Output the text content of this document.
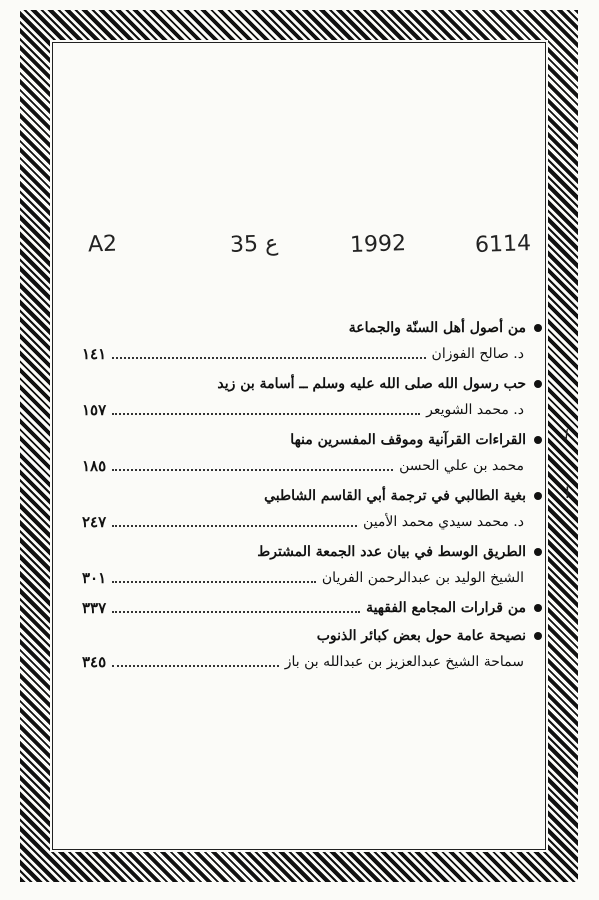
A2	35 ع	1992	6114
✓
I
من أصول أهل السنّة والجماعة
د. صالح الفوزان
١٤١
حب رسول الله صلى الله عليه وسلم ــ أسامة بن زيد
د. محمد الشويعر
١٥٧
القراءات القرآنية وموقف المفسرين منها
محمد بن علي الحسن
١٨٥
بغية الطالبي في ترجمة أبي القاسم الشاطبي
د. محمد سيدي محمد الأمين
٢٤٧
الطريق الوسط في بيان عدد الجمعة المشترط
الشيخ الوليد بن عبدالرحمن الفريان
٣٠١
من قرارات المجامع الفقهية
٣٣٧
نصيحة عامة حول بعض كبائر الذنوب
سماحة الشيخ عبدالعزيز بن عبدالله بن باز
٣٤٥
